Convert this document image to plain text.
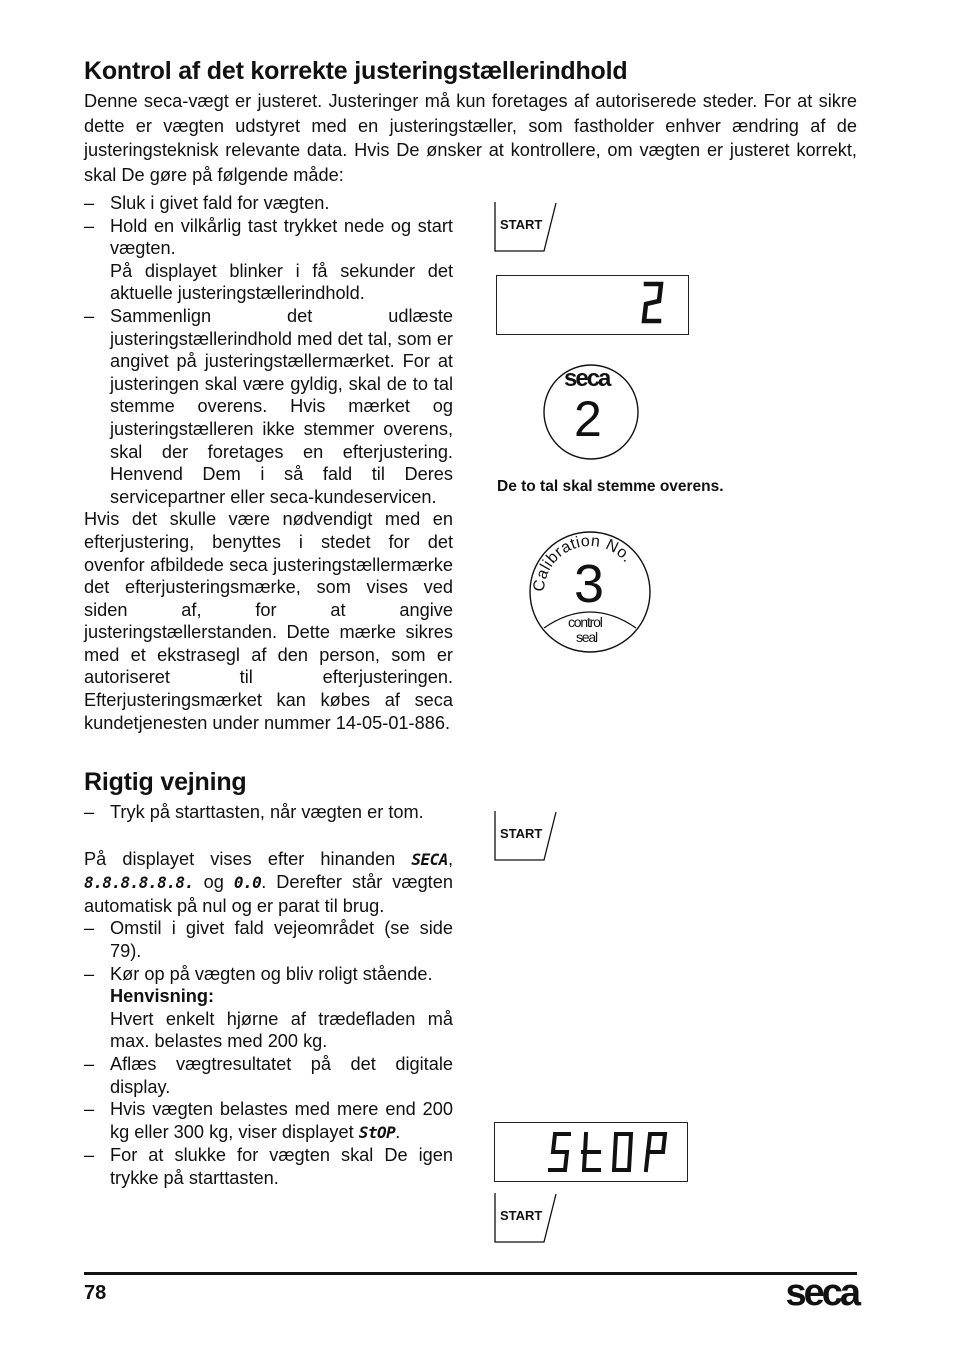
Kontrol af det korrekte justeringstællerindhold

Denne seca-vægt er justeret. Justeringer må kun foretages af autoriserede steder. For at sikre dette er vægten udstyret med en justeringstæller, som fastholder enhver ændring af de justeringsteknisk relevante data. Hvis De ønsker at kontrollere, om vægten er justeret korrekt, skal De gøre på følgende måde:

– Sluk i givet fald for vægten.
– Hold en vilkårlig tast trykket nede og start vægten.
På displayet blinker i få sekunder det aktuelle justeringstællerindhold.
– Sammenlign det udlæste justeringstællerindhold med det tal, som er angivet på justeringstællermærket. For at justeringen skal være gyldig, skal de to tal stemme overens. Hvis mærket og justeringstælleren ikke stemmer overens, skal der foretages en efterjustering. Henvend Dem i så fald til Deres servicepartner eller seca-kundeservicen.

Hvis det skulle være nødvendigt med en efterjustering, benyttes i stedet for det ovenfor afbildede seca justeringstællermærke det efterjusteringsmærke, som vises ved siden af, for at angive justeringstællerstanden. Dette mærke sikres med et ekstrasegl af den person, som er autoriseret til efterjusteringen. Efterjusteringsmærket kan købes af seca kundetjenesten under nummer 14-05-01-886.

Rigtig vejning
– Tryk på starttasten, når vægten er tom.

På displayet vises efter hinanden SECA, 8.8.8.8.8.8. og 0.0. Derefter står vægten automatisk på nul og er parat til brug.

– Omstil i givet fald vejeområdet (se side 79).
– Kør op på vægten og bliv roligt stående.
Henvisning:
Hvert enkelt hjørne af trædefladen må max. belastes med 200 kg.
– Aflæs vægtresultatet på det digitale display.
– Hvis vægten belastes med mere end 200 kg eller 300 kg, viser displayet StOP.
– For at slukke for vægten skal De igen trykke på starttasten.
START
seca
2
De to tal skal stemme overens.
Calibration No.
3
control
seal
START
START
78	seca
